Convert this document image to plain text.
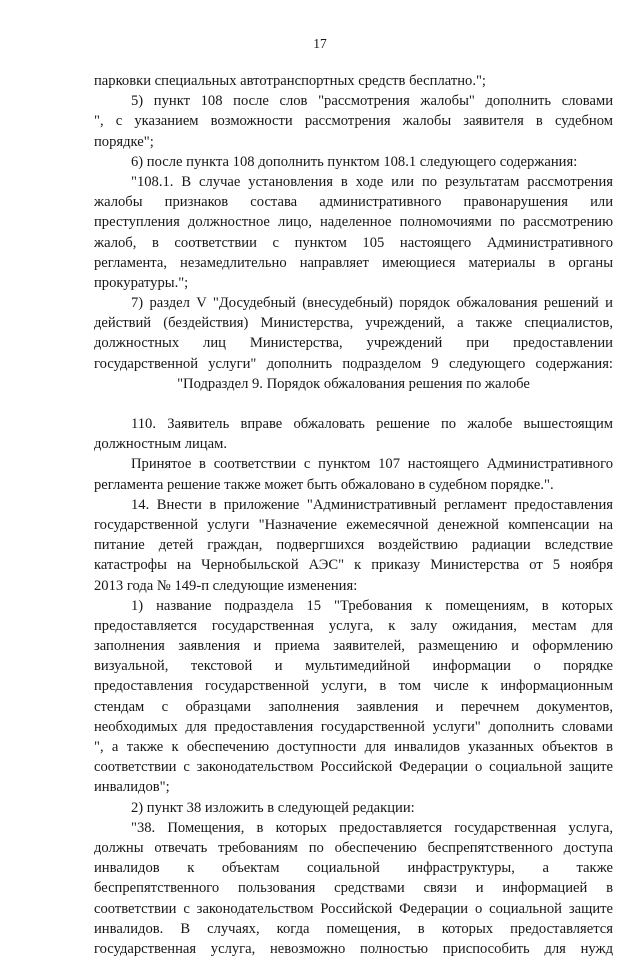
17
парковки специальных автотранспортных средств бесплатно.";
5) пункт 108 после слов "рассмотрения жалобы" дополнить словами
", с указанием возможности рассмотрения жалобы заявителя в судебном
порядке";
6) после пункта 108 дополнить пунктом 108.1 следующего содержания:
"108.1. В случае установления в ходе или по результатам рассмотрения
жалобы признаков состава административного правонарушения или
преступления должностное лицо, наделенное полномочиями по рассмотрению
жалоб, в соответствии с пунктом 105 настоящего Административного
регламента, незамедлительно направляет имеющиеся материалы в органы
прокуратуры.";
7) раздел V "Досудебный (внесудебный) порядок обжалования решений и
действий (бездействия) Министерства, учреждений, а также специалистов,
должностных лиц Министерства, учреждений при предоставлении
государственной услуги" дополнить подразделом 9 следующего содержания:
"Подраздел 9. Порядок обжалования решения по жалобе
110. Заявитель вправе обжаловать решение по жалобе вышестоящим
должностным лицам.
Принятое в соответствии с пунктом 107 настоящего Административного
регламента решение также может быть обжаловано в судебном порядке.".
14. Внести в приложение "Административный регламент предоставления
государственной услуги "Назначение ежемесячной денежной компенсации на
питание детей граждан, подвергшихся воздействию радиации вследствие
катастрофы на Чернобыльской АЭС" к приказу Министерства от 5 ноября
2013 года № 149-п следующие изменения:
1) название подраздела 15 "Требования к помещениям, в которых
предоставляется государственная услуга, к залу ожидания, местам для
заполнения заявления и приема заявителей, размещению и оформлению
визуальной, текстовой и мультимедийной информации о порядке
предоставления государственной услуги, в том числе к информационным
стендам с образцами заполнения заявления и перечнем документов,
необходимых для предоставления государственной услуги" дополнить словами
", а также к обеспечению доступности для инвалидов указанных объектов в
соответствии с законодательством Российской Федерации о социальной защите
инвалидов";
2) пункт 38 изложить в следующей редакции:
"38. Помещения, в которых предоставляется государственная услуга,
должны отвечать требованиям по обеспечению беспрепятственного доступа
инвалидов к объектам социальной инфраструктуры, а также
беспрепятственного пользования средствами связи и информацией в
соответствии с законодательством Российской Федерации о социальной защите
инвалидов. В случаях, когда помещения, в которых предоставляется
государственная услуга, невозможно полностью приспособить для нужд
